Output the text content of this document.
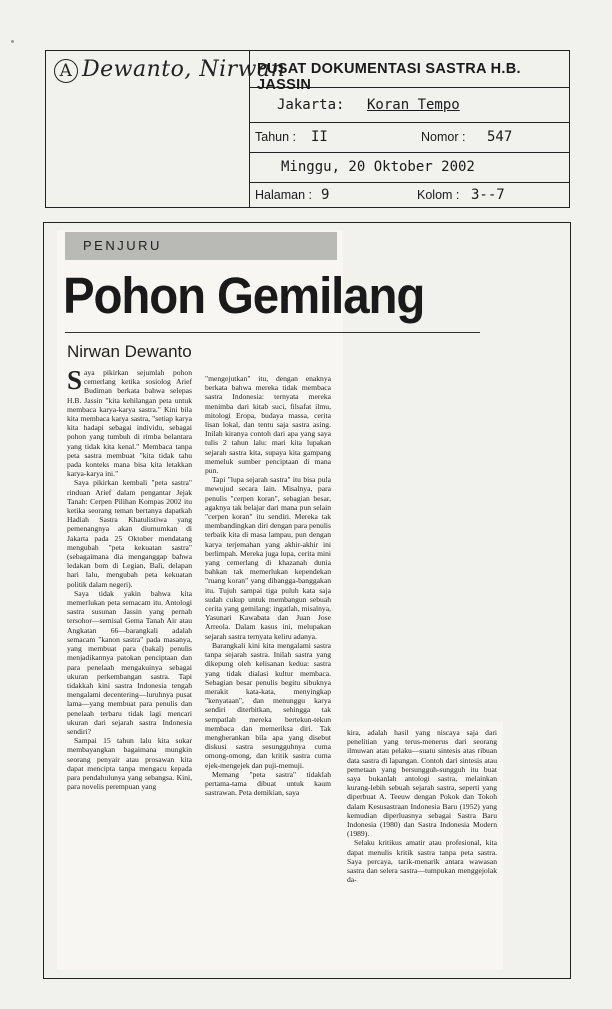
A Dewanto, Nirwan
PUSAT DOKUMENTASI SASTRA H.B. JASSIN
Jakarta: Koran Tempo
Tahun : II	Nomor : 547
Minggu, 20 Oktober 2002
Halaman : 9	Kolom : 3--7
PENJURU
Pohon Gemilang
Nirwan Dewanto

Saya pikirkan sejumlah pohon cemerlang ketika sosiolog Arief Budiman berkata bahwa selepas H.B. Jassin "kita kehilangan peta untuk membaca karya-karya sastra." Kini bila kita membaca karya sastra, "setiap karya kita hadapi sebagai individu, sebagai pohon yang tumbuh di rimba belantara yang tidak kita kenal." Membaca tanpa peta sastra membuat "kita tidak tahu pada konteks mana bisa kita letakkan karya-karya ini."

Saya pikirkan kembali "peta sastra" rinduan Arief dalam pengantar Jejak Tanah: Cerpen Pilihan Kompas 2002 itu ketika seorang teman bertanya dapatkah Hadiah Sastra Khatulistiwa yang pemenangnya akan diumumkan di Jakarta pada 25 Oktober mendatang mengubah "peta kekuatan sastra" (sebagaimana dia menganggap bahwa ledakan bom di Legian, Bali, delapan hari lalu, mengubah peta kekuatan politik dalam negeri).

Saya tidak yakin bahwa kita memerlukan peta semacam itu. Antologi sastra susunan Jassin yang pernah tersohor—semisal Gema Tanah Air atau Angkatan 66—barangkali adalah semacam "kanon sastra" pada masanya, yang membuat para (bakal) penulis menjadikannya patokan penciptaan dan para penelaah mengakuinya sebagai ukuran perkembangan sastra. Tapi tidakkah kini sastra Indonesia tengah mengalami decentering—luruhnya pusat lama—yang membuat para penulis dan penelaah terbaru tidak lagi mencari ukuran dari sejarah sastra Indonesia sendiri?

Sampai 15 tahun lalu kita sukar membayangkan bagaimana mungkin seorang penyair atau prosawan kita dapat mencipta tanpa mengacu kepada para pendahulunya yang sebangsa. Kini, para novelis perempuan yang

"mengejutkan" itu, dengan enaknya berkata bahwa mereka tidak membaca sastra Indonesia: ternyata mereka menimba dari kitab suci, filsafat ilmu, mitologi Eropa, budaya massa, cerita lisan lokal, dan tentu saja sastra asing. Inilah kiranya contoh dari apa yang saya tulis 2 tahun lalu: mari kita lupakan sejarah sastra kita, supaya kita gampang memeluk sumber penciptaan di mana pun.

Tapi "lupa sejarah sastra" itu bisa pula mewujud secara lain. Misalnya, para penulis "cerpen koran", sebagian besar, agaknya tak belajar dari mana pun selain "cerpen koran" itu sendiri. Mereka tak membandingkan diri dengan para penulis terbaik kita di masa lampau, pun dengan karya terjemahan yang akhir-akhir ini berlimpah. Mereka juga lupa, cerita mini yang cemerlang di khazanah dunia bahkan tak memerlukan kependekan "ruang koran" yang dibangga-banggakan itu. Tujuh sampai tiga puluh kata saja sudah cukup untuk membangun sebuah cerita yang gemilang: ingatlah, misalnya, Yasunari Kawabata dan Juan Jose Arreola. Dalam kasus ini, melupakan sejarah sastra ternyata keliru adanya.

Barangkali kini kita mengalami sastra tanpa sejarah sastra. Inilah sastra yang dikepung oleh kelisanan kedua: sastra yang tidak dialasi kultur membaca. Sebagian besar penulis begitu sibuknya merakit kata-kata, menyingkap "kenyataan", dan menunggu karya sendiri diterbitkan, sehingga tak sempatlah mereka bertekun-tekun membaca dan memeriksa diri. Tak mengherankan bila apa yang disebut diskusi sastra sesungguhnya cuma omong-omong, dan kritik sastra cuma ejek-mengejek dan puji-memuji.

Memang "peta sastra" tidaklah pertama-tama dibuat untuk kaum sastrawan. Peta demikian, saya

kira, adalah hasil yang niscaya saja dari penelitian yang terus-menerus dari seorang ilmuwan atau pelaku—suatu sintesis atas ribuan data sastra di lapangan. Contoh dari sintesis atau pemetaan yang bersungguh-sungguh itu buat saya bukanlah antologi sastra, melainkan kurang-lebih sebuah sejarah sastra, seperti yang diperbuat A. Teeuw dengan Pokok dan Tokoh dalam Kesusastraan Indonesia Baru (1952) yang kemudian diperluasnya sebagai Sastra Baru Indonesia (1980) dan Sastra Indonesia Modern (1989).

Selaku kritikus amatir atau profesional, kita dapat menulis kritik sastra tanpa peta sastra. Saya percaya, tarik-menarik antara wawasan sastra dan selera sastra—tumpukan menggejolak da-
